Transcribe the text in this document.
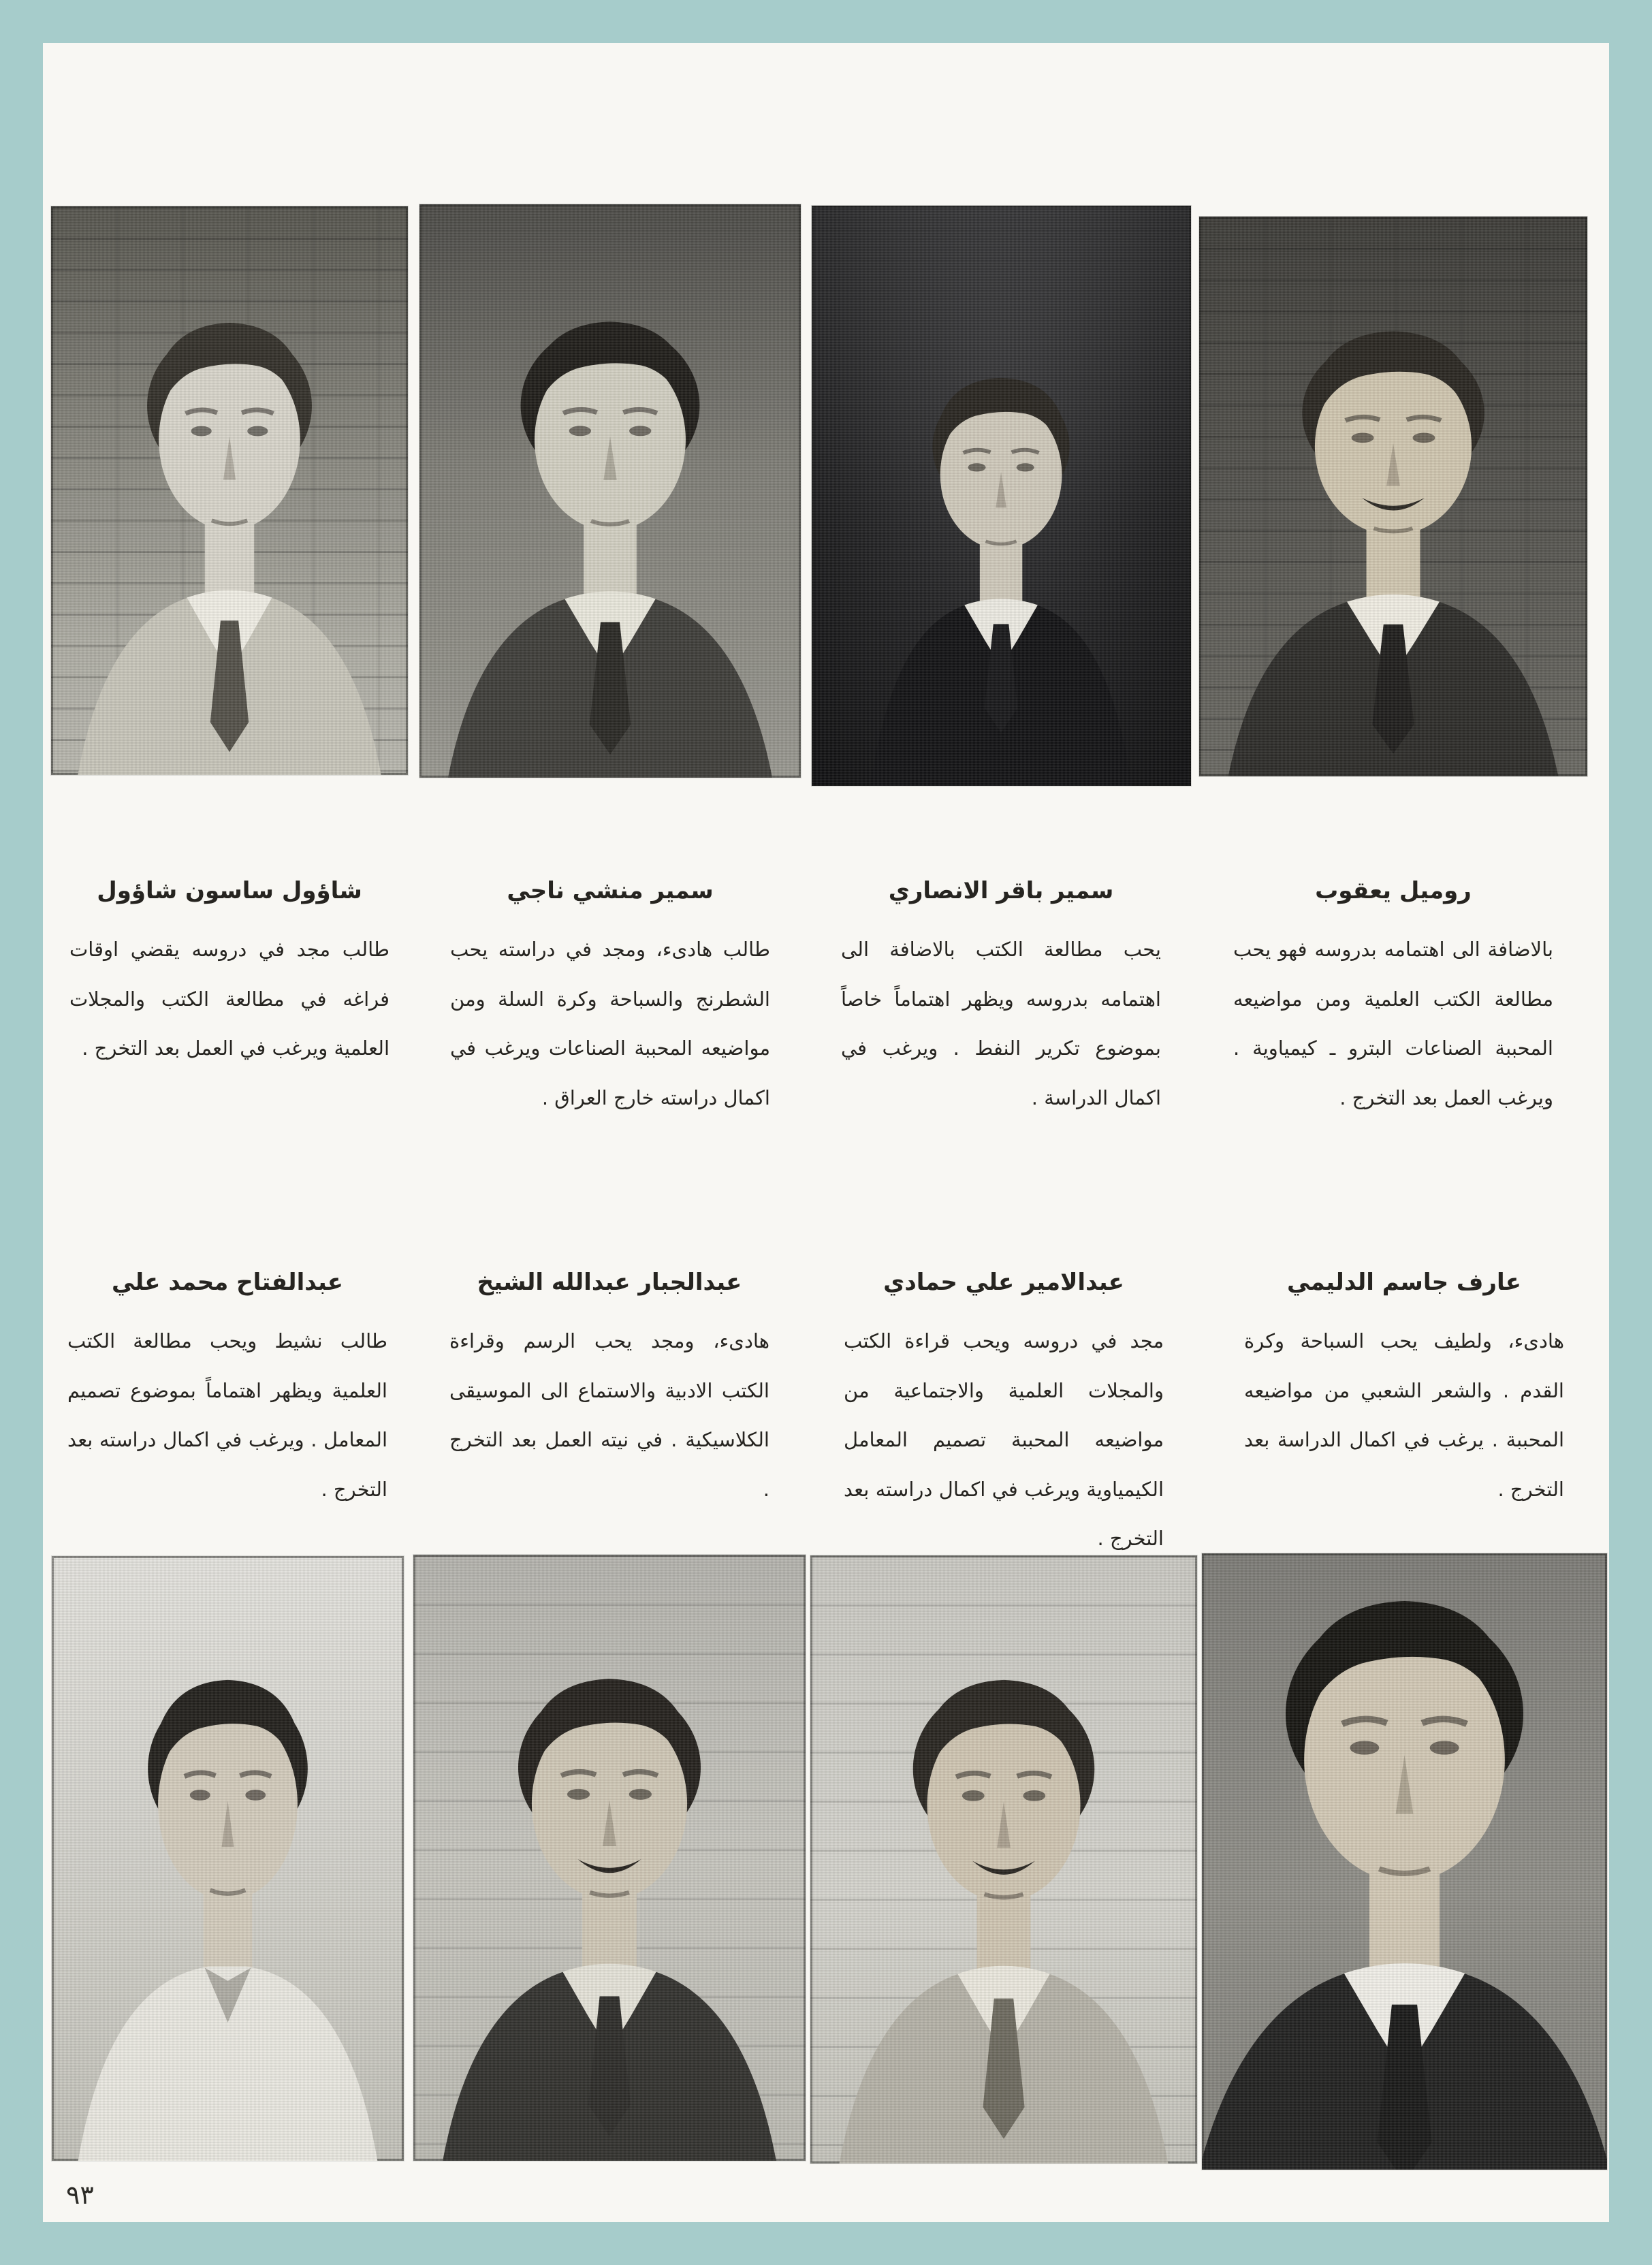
شاؤول ساسون شاؤول

طالب مجد في دروسه يقضي اوقات فراغه في مطالعة الكتب والمجلات العلمية ويرغب في العمل بعد التخرج .

سمير منشي ناجي

طالب هادىء، ومجد في دراسته يحب الشطرنج والسباحة وكرة السلة ومن مواضيعه المحببة الصناعات ويرغب في اكمال دراسته خارج العراق .

سمير باقر الانصاري

يحب مطالعة الكتب بالاضافة الى اهتمامه بدروسه ويظهر اهتماماً خاصاً بموضوع تكرير النفط . ويرغب في اكمال الدراسة .

روميل يعقوب

بالاضافة الى اهتمامه بدروسه فهو يحب مطالعة الكتب العلمية ومن مواضيعه المحببة الصناعات البترو ـ كيمياوية . ويرغب العمل بعد التخرج .

عبدالفتاح محمد علي

طالب نشيط ويحب مطالعة الكتب العلمية ويظهر اهتماماً بموضوع تصميم المعامل . ويرغب في اكمال دراسته بعد التخرج .

عبدالجبار عبدالله الشيخ

هادىء، ومجد يحب الرسم وقراءة الكتب الادبية والاستماع الى الموسيقى الكلاسيكية . في نيته العمل بعد التخرج .

عبدالامير علي حمادي

مجد في دروسه ويحب قراءة الكتب والمجلات العلمية والاجتماعية من مواضيعه المحببة تصميم المعامل الكيمياوية ويرغب في اكمال دراسته بعد التخرج .

عارف جاسم الدليمي

هادىء، ولطيف يحب السباحة وكرة القدم . والشعر الشعبي من مواضيعه المحببة . يرغب في اكمال الدراسة بعد التخرج .

٩٣
